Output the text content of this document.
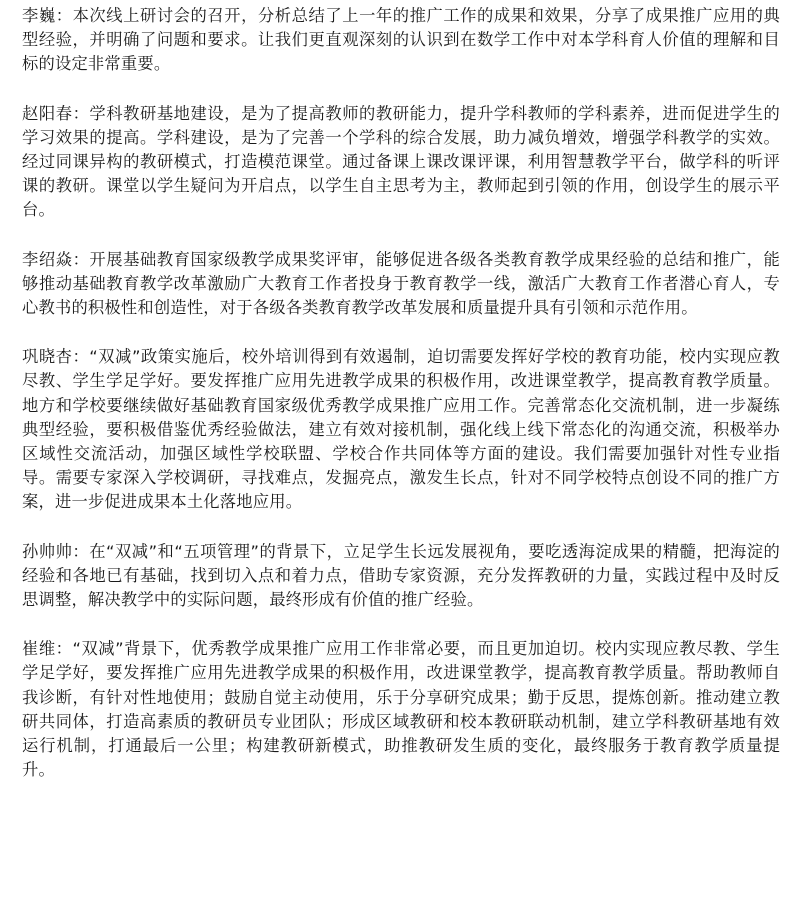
李巍：本次线上研讨会的召开，分析总结了上一年的推广工作的成果和效果，分享了成果推广应用的典型经验，并明确了问题和要求。让我们更直观深刻的认识到在数学工作中对本学科育人价值的理解和目标的设定非常重要。

赵阳春：学科教研基地建设，是为了提高教师的教研能力，提升学科教师的学科素养，进而促进学生的学习效果的提高。学科建设，是为了完善一个学科的综合发展，助力减负增效，增强学科教学的实效。经过同课异构的教研模式，打造模范课堂。通过备课上课改课评课，利用智慧教学平台，做学科的听评课的教研。课堂以学生疑问为开启点，以学生自主思考为主，教师起到引领的作用，创设学生的展示平台。

李绍焱：开展基础教育国家级教学成果奖评审，能够促进各级各类教育教学成果经验的总结和推广，能够推动基础教育教学改革激励广大教育工作者投身于教育教学一线，激活广大教育工作者潜心育人，专心教书的积极性和创造性，对于各级各类教育教学改革发展和质量提升具有引领和示范作用。

巩晓杏：“双减”政策实施后，校外培训得到有效遏制，迫切需要发挥好学校的教育功能，校内实现应教尽教、学生学足学好。要发挥推广应用先进教学成果的积极作用，改进课堂教学，提高教育教学质量。地方和学校要继续做好基础教育国家级优秀教学成果推广应用工作。完善常态化交流机制，进一步凝练典型经验，要积极借鉴优秀经验做法，建立有效对接机制，强化线上线下常态化的沟通交流，积极举办区域性交流活动，加强区域性学校联盟、学校合作共同体等方面的建设。我们需要加强针对性专业指导。需要专家深入学校调研，寻找难点，发掘亮点，激发生长点，针对不同学校特点创设不同的推广方案，进一步促进成果本土化落地应用。

孙帅帅：在“双减”和“五项管理”的背景下，立足学生长远发展视角，要吃透海淀成果的精髓，把海淀的经验和各地已有基础，找到切入点和着力点，借助专家资源，充分发挥教研的力量，实践过程中及时反思调整，解决教学中的实际问题，最终形成有价值的推广经验。

崔维：“双减”背景下，优秀教学成果推广应用工作非常必要，而且更加迫切。校内实现应教尽教、学生学足学好，要发挥推广应用先进教学成果的积极作用，改进课堂教学，提高教育教学质量。帮助教师自我诊断，有针对性地使用；鼓励自觉主动使用，乐于分享研究成果；勤于反思，提炼创新。推动建立教研共同体，打造高素质的教研员专业团队；形成区域教研和校本教研联动机制，建立学科教研基地有效运行机制，打通最后一公里；构建教研新模式，助推教研发生质的变化，最终服务于教育教学质量提升。
